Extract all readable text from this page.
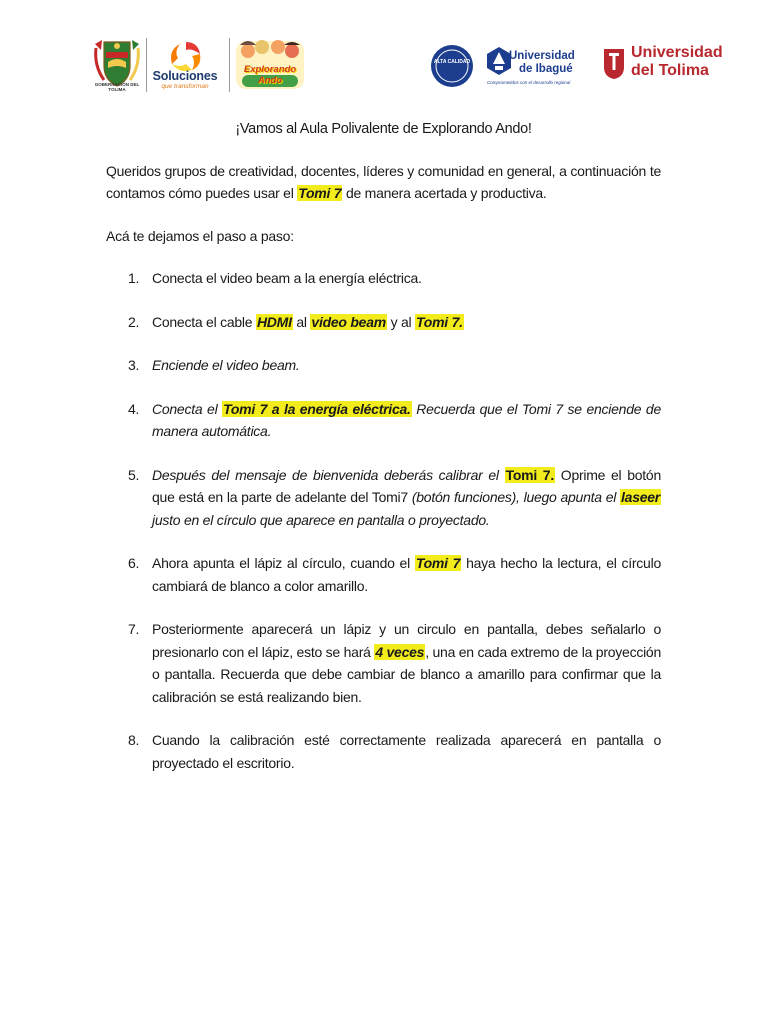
GOBERNACIÓN DEL TOLIMA
Soluciones
que transforman
Explorando Ando
ALTA CALIDAD	Universidad
de Ibagué
Comprometidos con el desarrollo regional
Universidad
del Tolima

¡Vamos al Aula Polivalente de Explorando Ando!

Queridos grupos de creatividad, docentes, líderes y comunidad en general, a continuación te contamos cómo puedes usar el Tomi 7 de manera acertada y productiva.

Acá te dejamos el paso a paso:

1. Conecta el video beam a la energía eléctrica.
2. Conecta el cable HDMI al video beam y al Tomi 7.
3. Enciende el video beam.
4. Conecta el Tomi 7 a la energía eléctrica. Recuerda que el Tomi 7 se enciende de manera automática.
5. Después del mensaje de bienvenida deberás calibrar el Tomi 7. Oprime el botón que está en la parte de adelante del Tomi7 (botón funciones), luego apunta el laseer justo en el círculo que aparece en pantalla o proyectado.
6. Ahora apunta el lápiz al círculo, cuando el Tomi 7 haya hecho la lectura, el círculo cambiará de blanco a color amarillo.
7. Posteriormente aparecerá un lápiz y un circulo en pantalla, debes señalarlo o presionarlo con el lápiz, esto se hará 4 veces, una en cada extremo de la proyección o pantalla. Recuerda que debe cambiar de blanco a amarillo para confirmar que la calibración se está realizando bien.
8. Cuando la calibración esté correctamente realizada aparecerá en pantalla o proyectado el escritorio.
